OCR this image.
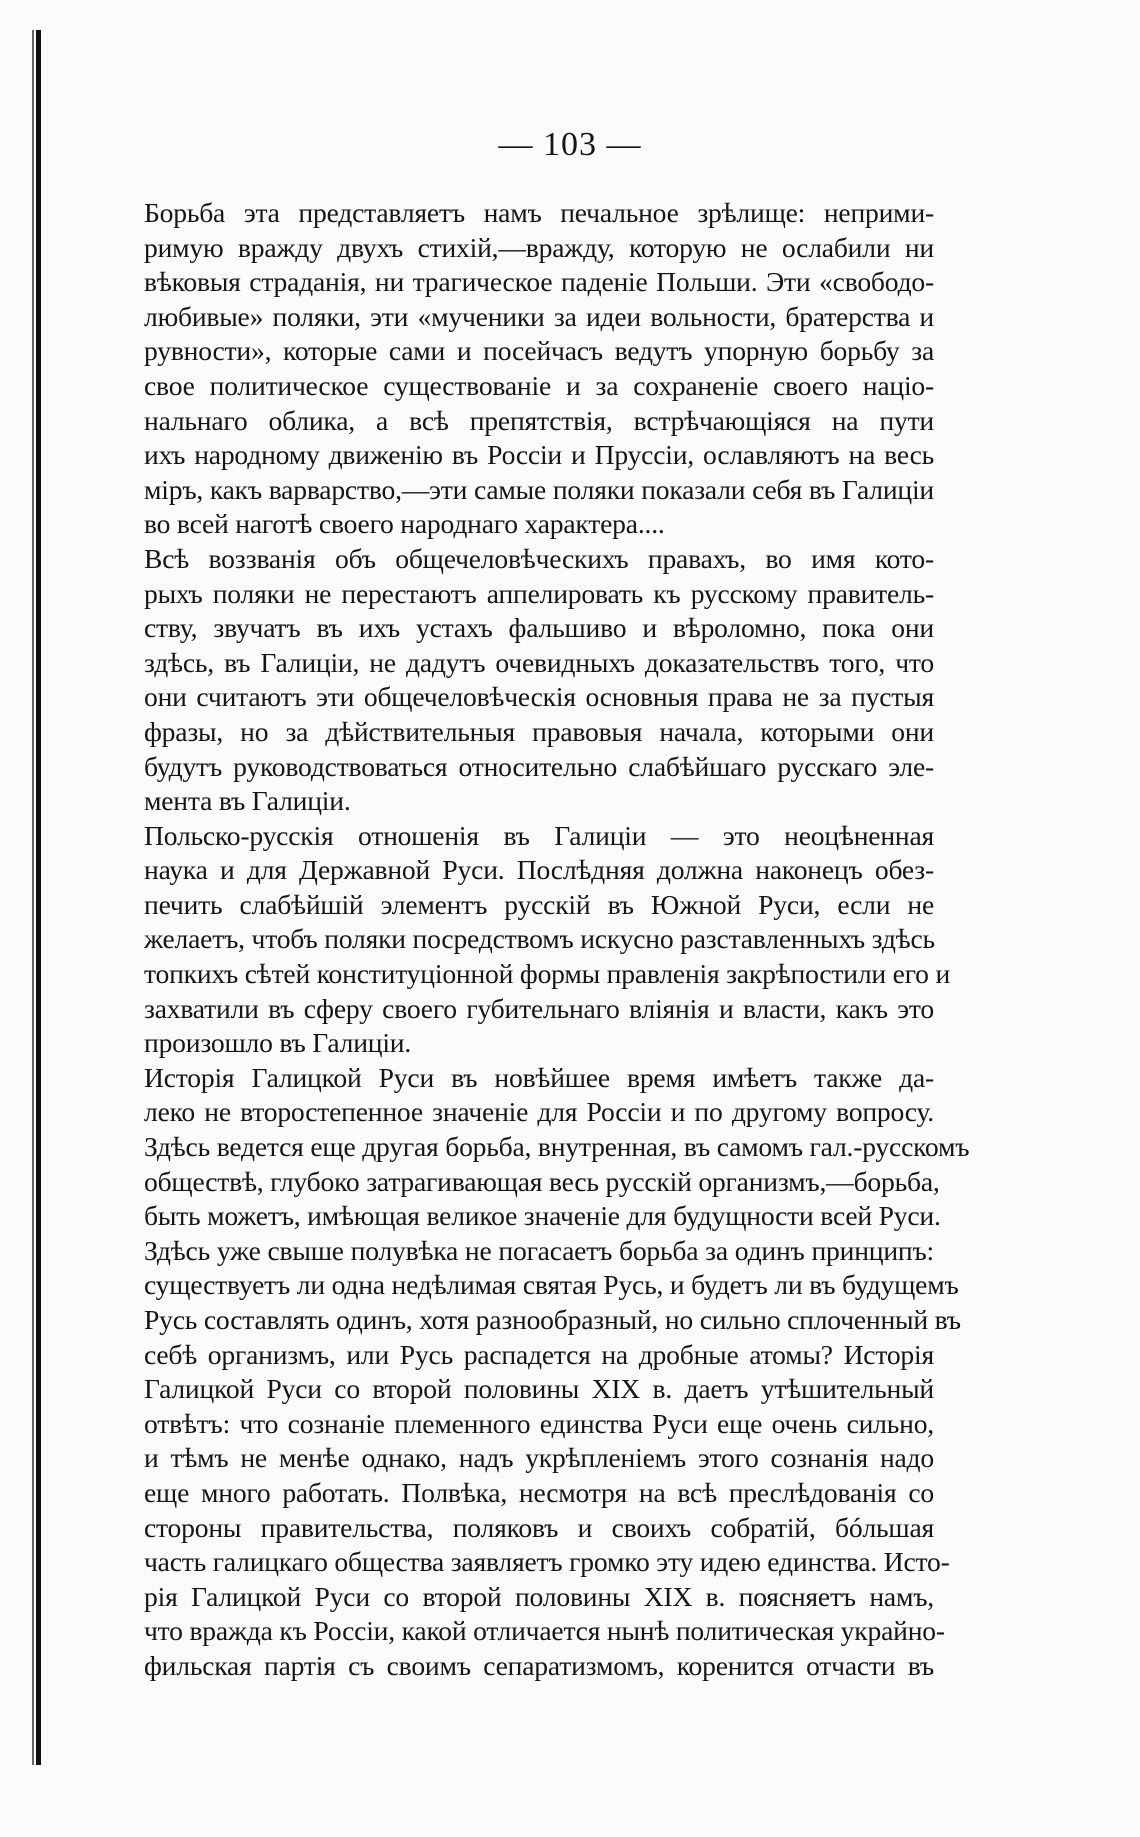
— 103 —

Борьба эта представляетъ намъ печальное зрѣлище: неприми-
римую вражду двухъ стихій,—вражду, которую не ослабили ни
вѣковыя страданія, ни трагическое паденіе Польши. Эти «свободо-
любивые» поляки, эти «мученики за идеи вольности, братерства и
рувности», которые сами и посейчасъ ведутъ упорную борьбу за
свое политическое существованіе и за сохраненіе своего націо-
нальнаго облика, а всѣ препятствія, встрѣчающіяся на пути
ихъ народному движенію въ Россіи и Пруссіи, ославляютъ на весь
міръ, какъ варварство,—эти самые поляки показали себя въ Галиціи
во всей наготѣ своего народнаго характера....

Всѣ воззванія объ общечеловѣческихъ правахъ, во имя кото-
рыхъ поляки не перестаютъ аппелировать къ русскому правитель-
ству, звучатъ въ ихъ устахъ фальшиво и вѣроломно, пока они
здѣсь, въ Галиціи, не дадутъ очевидныхъ доказательствъ того, что
они считаютъ эти общечеловѣческія основныя права не за пустыя
фразы, но за дѣйствительныя правовыя начала, которыми они
будутъ руководствоваться относительно слабѣйшаго русскаго эле-
мента въ Галиціи.

Польско-русскія отношенія въ Галиціи — это неоцѣненная
наука и для Державной Руси. Послѣдняя должна наконецъ обез-
печить слабѣйшій элементъ русскій въ Южной Руси, если не
желаетъ, чтобъ поляки посредствомъ искусно разставленныхъ здѣсь
топкихъ сѣтей конституціонной формы правленія закрѣпостили его и
захватили въ сферу своего губительнаго вліянія и власти, какъ это
произошло въ Галиціи.

Исторія Галицкой Руси въ новѣйшее время имѣетъ также да-
леко не второстепенное значеніе для Россіи и по другому вопросу.
Здѣсь ведется еще другая борьба, внутренная, въ самомъ гал.-русскомъ
обществѣ, глубоко затрагивающая весь русскій организмъ,—борьба,
быть можетъ, имѣющая великое значеніе для будущности всей Руси.
Здѣсь уже свыше полувѣка не погасаетъ борьба за одинъ принципъ:
существуетъ ли одна недѣлимая святая Русь, и будетъ ли въ будущемъ
Русь составлять одинъ, хотя разнообразный, но сильно сплоченный въ
себѣ организмъ, или Русь распадется на дробные атомы? Исторія
Галицкой Руси со второй половины XIX в. даетъ утѣшительный
отвѣтъ: что сознаніе племенного единства Руси еще очень сильно,
и тѣмъ не менѣе однако, надъ укрѣпленіемъ этого сознанія надо
еще много работать. Полвѣка, несмотря на всѣ преслѣдованія со
стороны правительства, поляковъ и своихъ собратій, бóльшая
часть галицкаго общества заявляетъ громко эту идею единства. Исто-
рія Галицкой Руси со второй половины XIX в. поясняетъ намъ,
что вражда къ Россіи, какой отличается нынѣ политическая украйно-
фильская партія съ своимъ сепаратизмомъ, коренится отчасти въ
